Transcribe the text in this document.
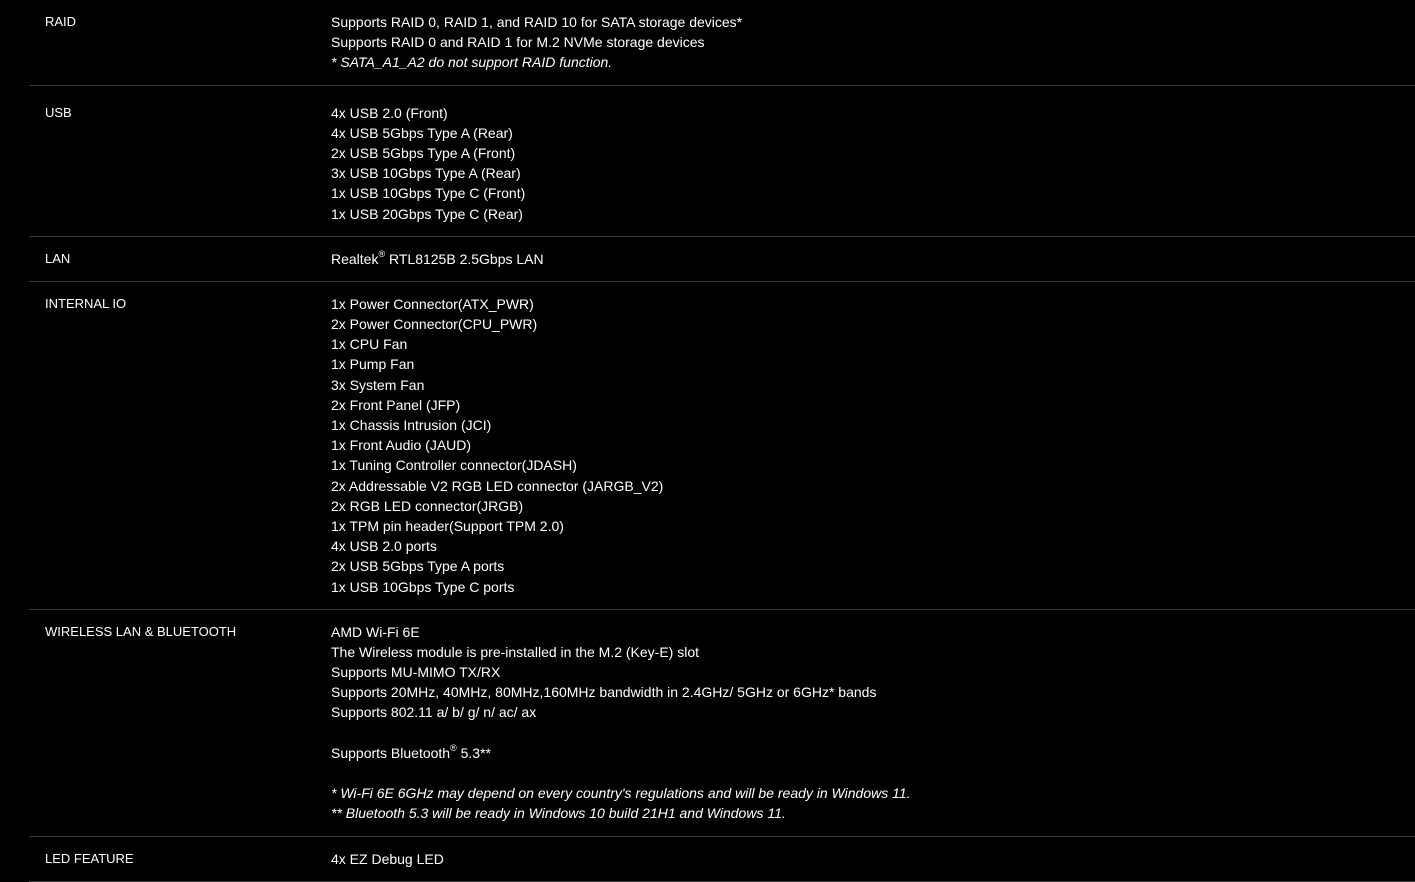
RAID	Supports RAID 0, RAID 1, and RAID 10 for SATA storage devices*
Supports RAID 0 and RAID 1 for M.2 NVMe storage devices
* SATA_A1_A2 do not support RAID function.
USB	4x USB 2.0 (Front)
4x USB 5Gbps Type A (Rear)
2x USB 5Gbps Type A (Front)
3x USB 10Gbps Type A (Rear)
1x USB 10Gbps Type C (Front)
1x USB 20Gbps Type C (Rear)
LAN	Realtek® RTL8125B 2.5Gbps LAN
INTERNAL IO	1x Power Connector(ATX_PWR)
2x Power Connector(CPU_PWR)
1x CPU Fan
1x Pump Fan
3x System Fan
2x Front Panel (JFP)
1x Chassis Intrusion (JCI)
1x Front Audio (JAUD)
1x Tuning Controller connector(JDASH)
2x Addressable V2 RGB LED connector (JARGB_V2)
2x RGB LED connector(JRGB)
1x TPM pin header(Support TPM 2.0)
4x USB 2.0 ports
2x USB 5Gbps Type A ports
1x USB 10Gbps Type C ports
WIRELESS LAN & BLUETOOTH	AMD Wi-Fi 6E
The Wireless module is pre-installed in the M.2 (Key-E) slot
Supports MU-MIMO TX/RX
Supports 20MHz, 40MHz, 80MHz,160MHz bandwidth in 2.4GHz/ 5GHz or 6GHz* bands
Supports 802.11 a/ b/ g/ n/ ac/ ax
Supports Bluetooth® 5.3**
* Wi-Fi 6E 6GHz may depend on every country's regulations and will be ready in Windows 11.
** Bluetooth 5.3 will be ready in Windows 10 build 21H1 and Windows 11.
LED FEATURE	4x EZ Debug LED
